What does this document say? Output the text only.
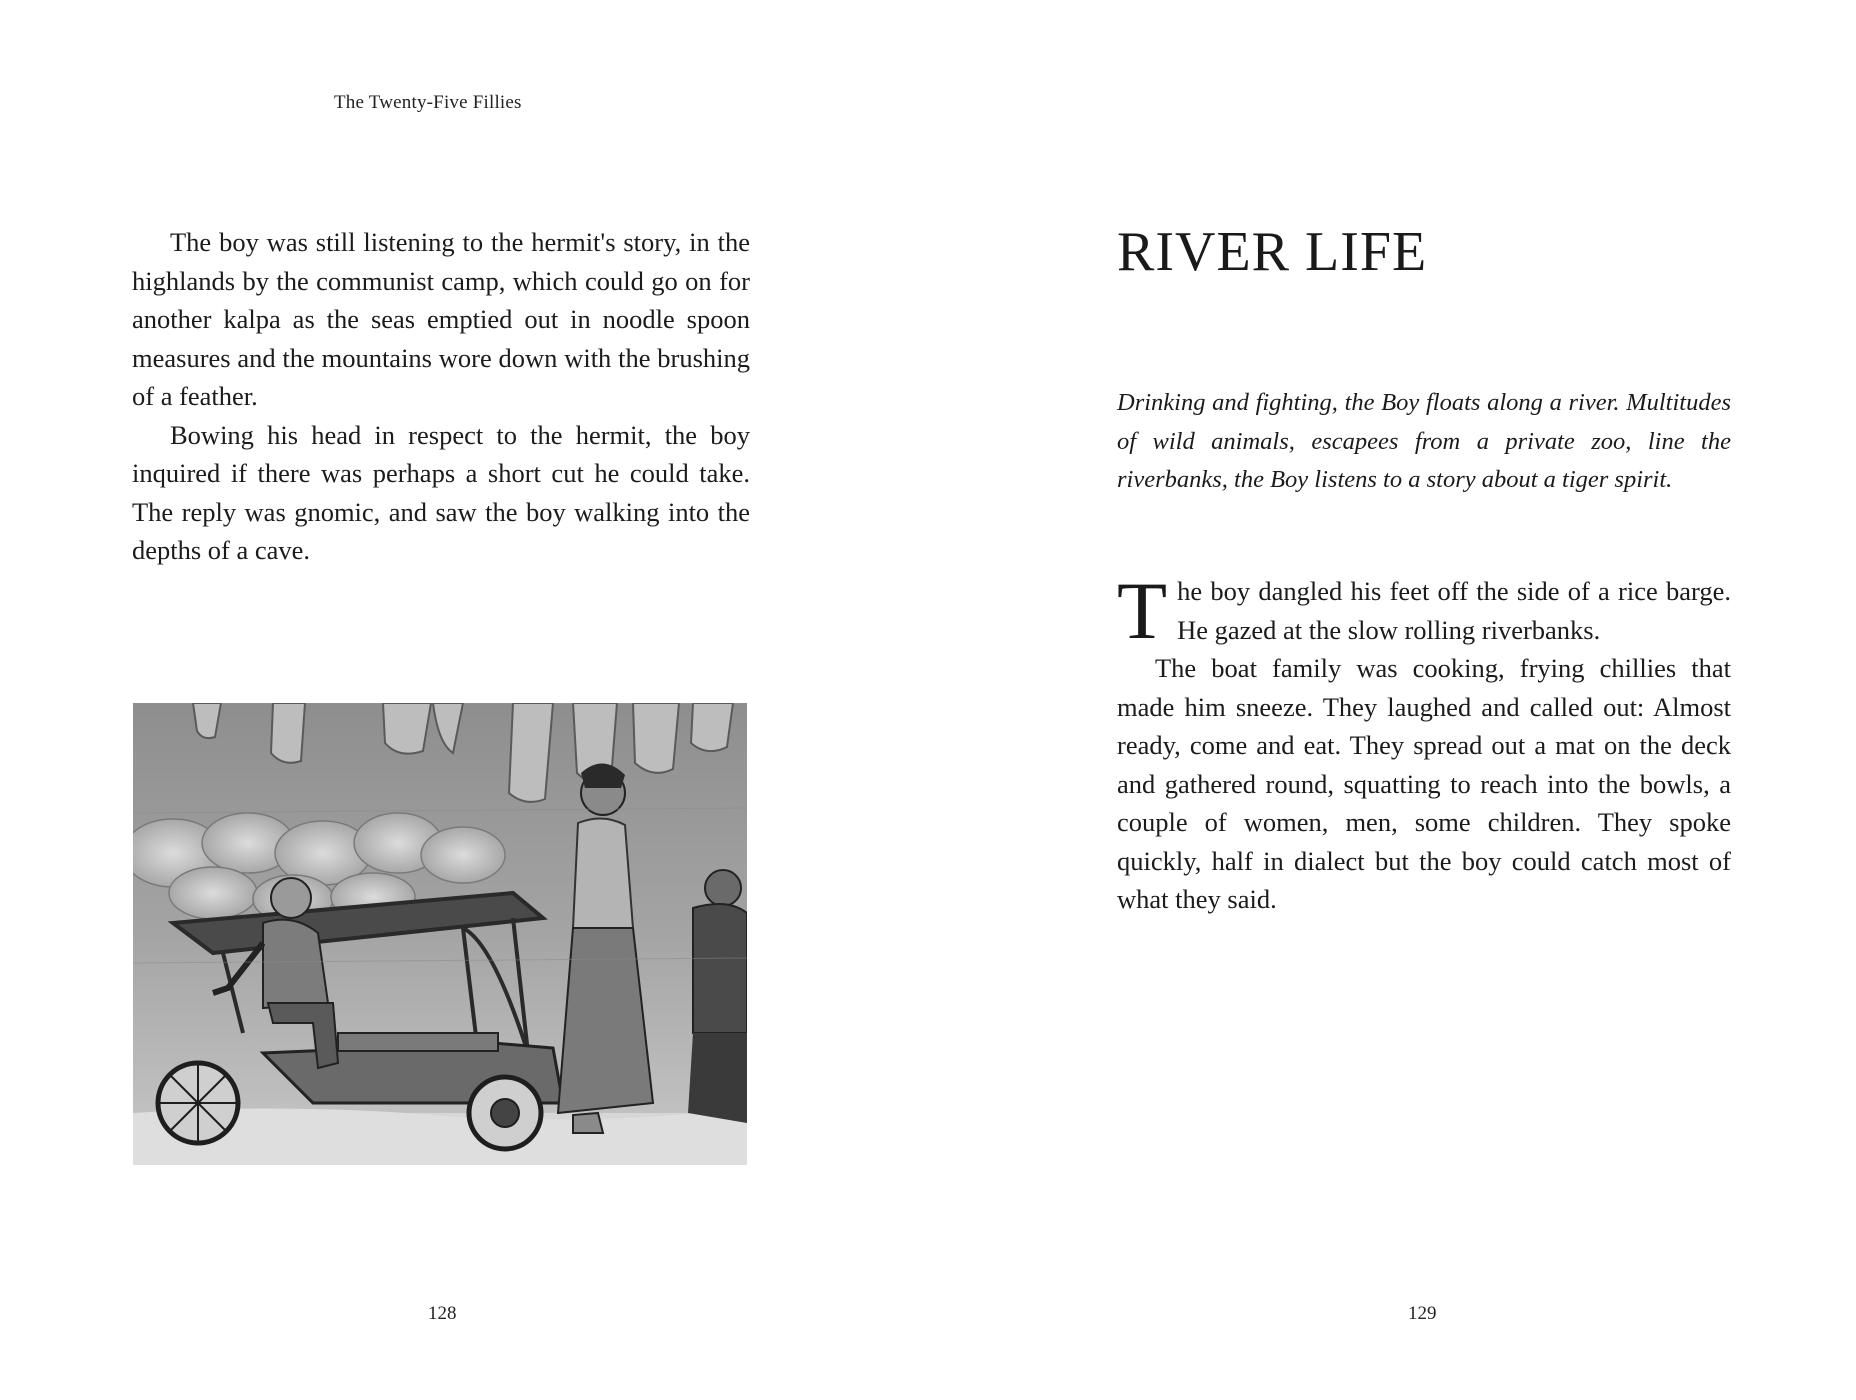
The Twenty-Five Fillies

The boy was still listening to the hermit's story, in the highlands by the communist camp, which could go on for another kalpa as the seas emptied out in noodle spoon measures and the mountains wore down with the brushing of a feather.

Bowing his head in respect to the hermit, the boy inquired if there was perhaps a short cut he could take. The reply was gnomic, and saw the boy walking into the depths of a cave.

128
RIVER LIFE
Drinking and fighting, the Boy floats along a river. Multitudes of wild animals, escapees from a private zoo, line the riverbanks, the Boy listens to a story about a tiger spirit.

The boy dangled his feet off the side of a rice barge. He gazed at the slow rolling riverbanks.

The boat family was cooking, frying chillies that made him sneeze. They laughed and called out: Almost ready, come and eat. They spread out a mat on the deck and gathered round, squatting to reach into the bowls, a couple of women, men, some children. They spoke quickly, half in dialect but the boy could catch most of what they said.

129
